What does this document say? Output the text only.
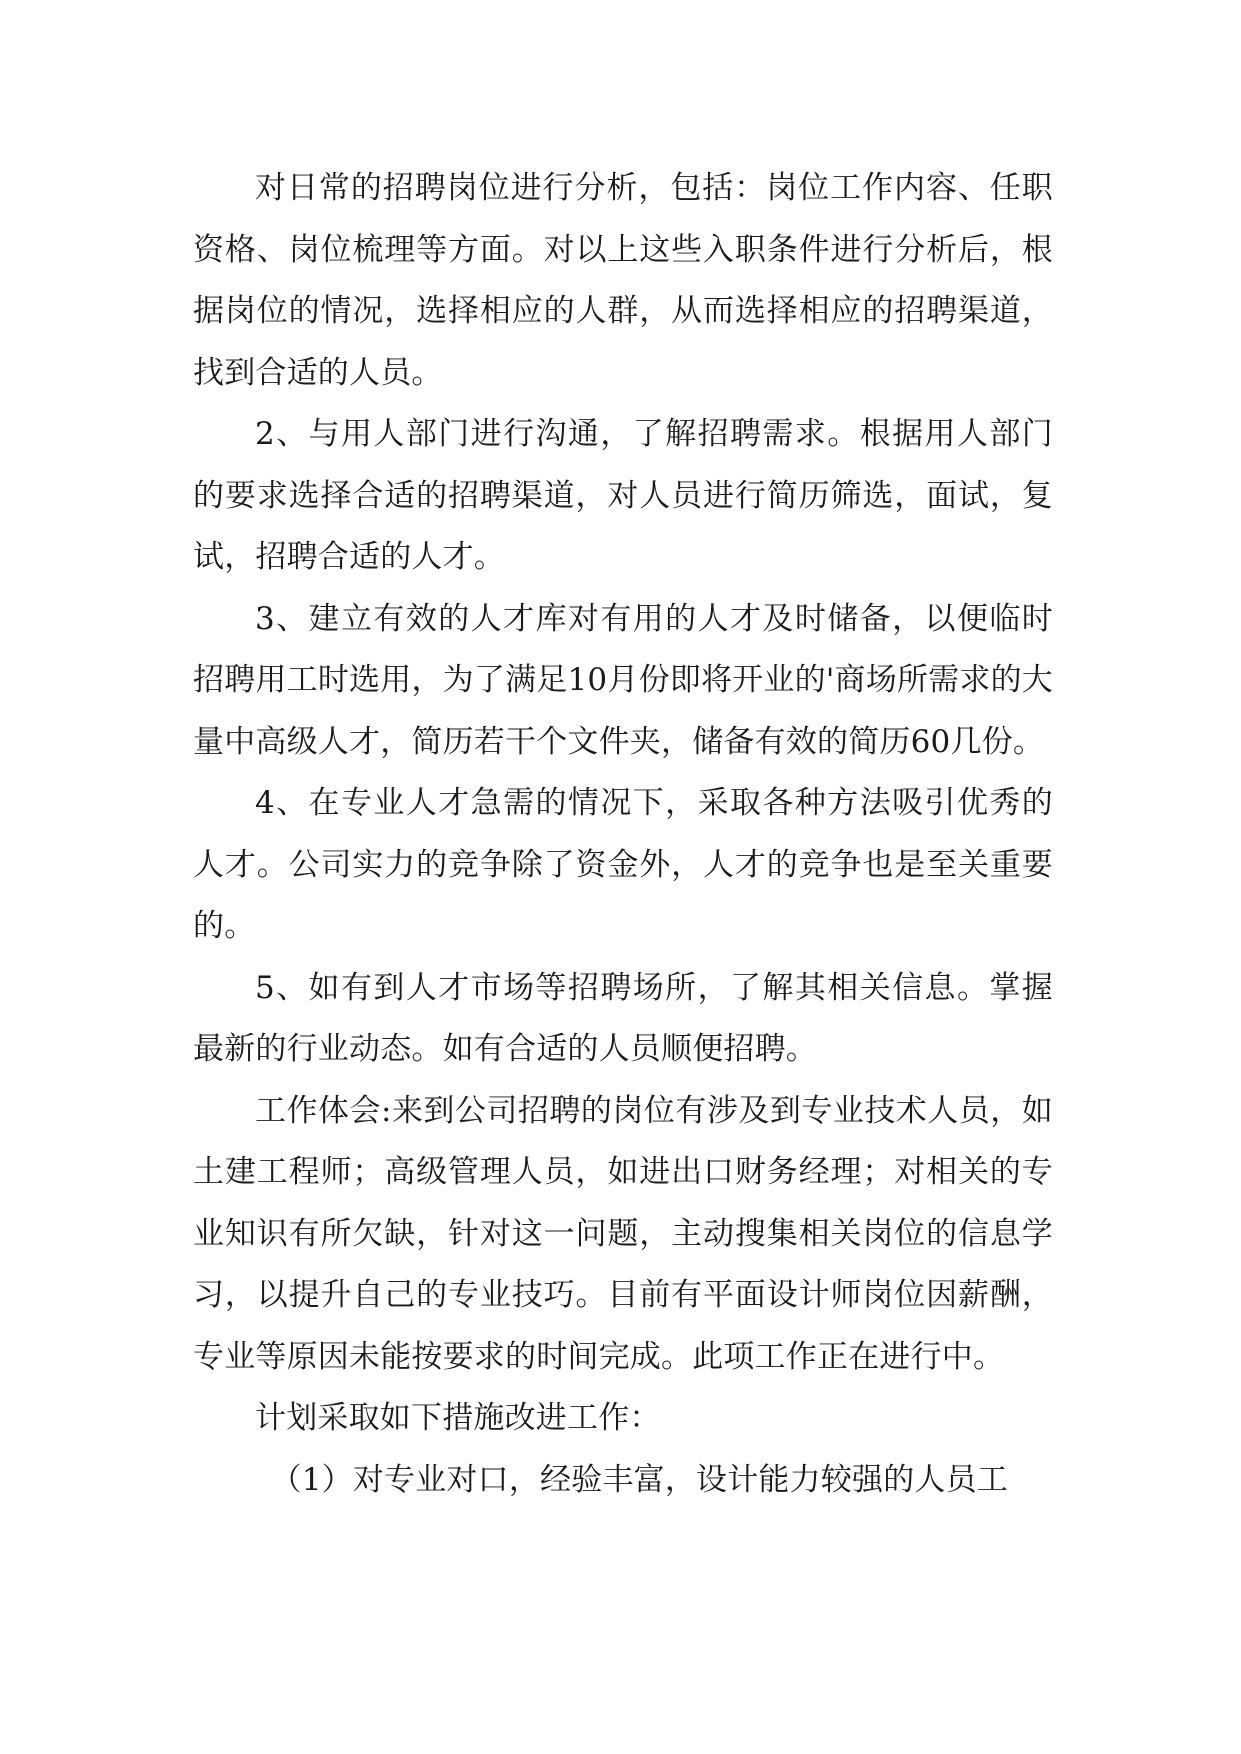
对日常的招聘岗位进行分析，包括：岗位工作内容、任职资格、岗位梳理等方面。对以上这些入职条件进行分析后，根据岗位的情况，选择相应的人群，从而选择相应的招聘渠道，找到合适的人员。

2、与用人部门进行沟通，了解招聘需求。根据用人部门的要求选择合适的招聘渠道，对人员进行简历筛选，面试，复试，招聘合适的人才。

3、建立有效的人才库对有用的人才及时储备，以便临时招聘用工时选用，为了满足10月份即将开业的'商场所需求的大量中高级人才，简历若干个文件夹，储备有效的简历60几份。

4、在专业人才急需的情况下，采取各种方法吸引优秀的人才。公司实力的竞争除了资金外，人才的竞争也是至关重要的。

5、如有到人才市场等招聘场所，了解其相关信息。掌握最新的行业动态。如有合适的人员顺便招聘。

工作体会:来到公司招聘的岗位有涉及到专业技术人员，如土建工程师；高级管理人员，如进出口财务经理；对相关的专业知识有所欠缺，针对这一问题，主动搜集相关岗位的信息学习，以提升自己的专业技巧。目前有平面设计师岗位因薪酬，专业等原因未能按要求的时间完成。此项工作正在进行中。

计划采取如下措施改进工作：

（1）对专业对口，经验丰富，设计能力较强的人员工
